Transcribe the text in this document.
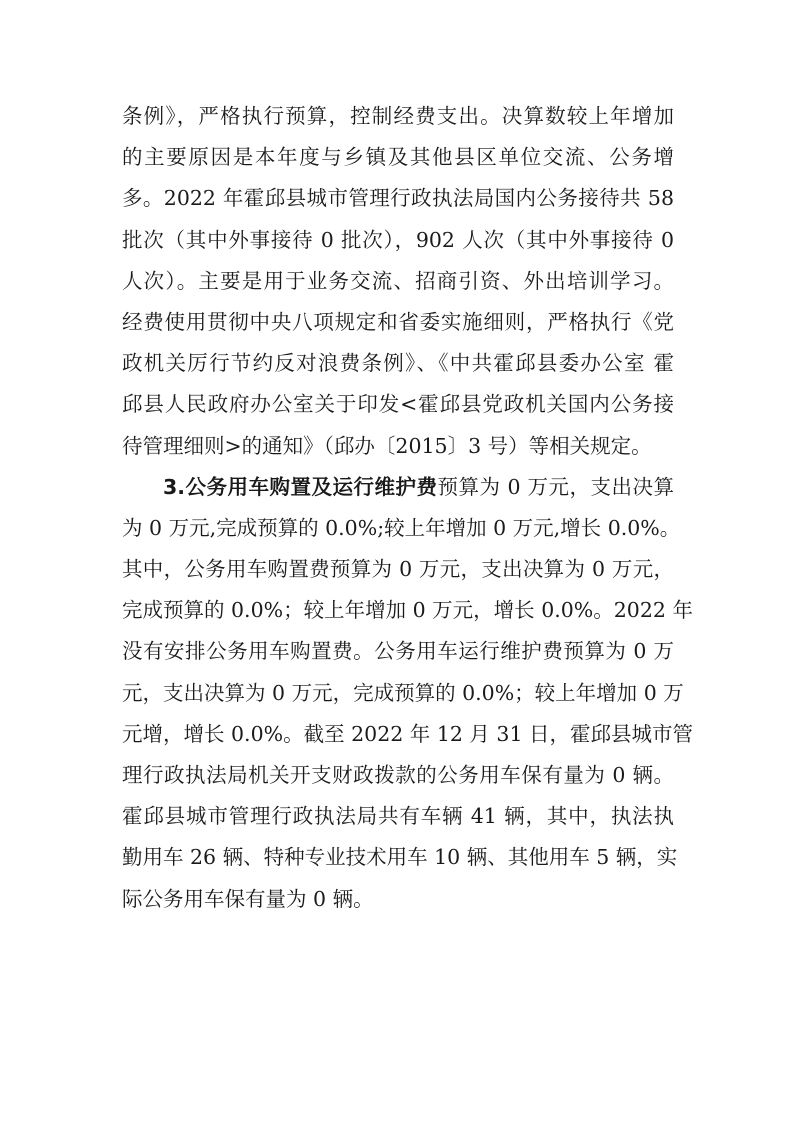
条例》，严格执行预算，控制经费支出。决算数较上年增加
的主要原因是本年度与乡镇及其他县区单位交流、公务增
多。2022 年霍邱县城市管理行政执法局国内公务接待共 58
批次（其中外事接待 0 批次），902 人次（其中外事接待 0
人次）。主要是用于业务交流、招商引资、外出培训学习。
经费使用贯彻中央八项规定和省委实施细则，严格执行《党
政机关厉行节约反对浪费条例》、《中共霍邱县委办公室 霍
邱县人民政府办公室关于印发<霍邱县党政机关国内公务接
待管理细则>的通知》（邱办〔2015〕3 号）等相关规定。
3.公务用车购置及运行维护费预算为 0 万元，支出决算
为 0 万元,完成预算的 0.0%;较上年增加 0 万元,增长 0.0%。
其中，公务用车购置费预算为 0 万元，支出决算为 0 万元，
完成预算的 0.0%；较上年增加 0 万元，增长 0.0%。2022 年
没有安排公务用车购置费。公务用车运行维护费预算为 0 万
元，支出决算为 0 万元，完成预算的 0.0%；较上年增加 0 万
元增，增长 0.0%。截至 2022 年 12 月 31 日，霍邱县城市管
理行政执法局机关开支财政拨款的公务用车保有量为 0 辆。
霍邱县城市管理行政执法局共有车辆 41 辆，其中，执法执
勤用车 26 辆、特种专业技术用车 10 辆、其他用车 5 辆，实
际公务用车保有量为 0 辆。
